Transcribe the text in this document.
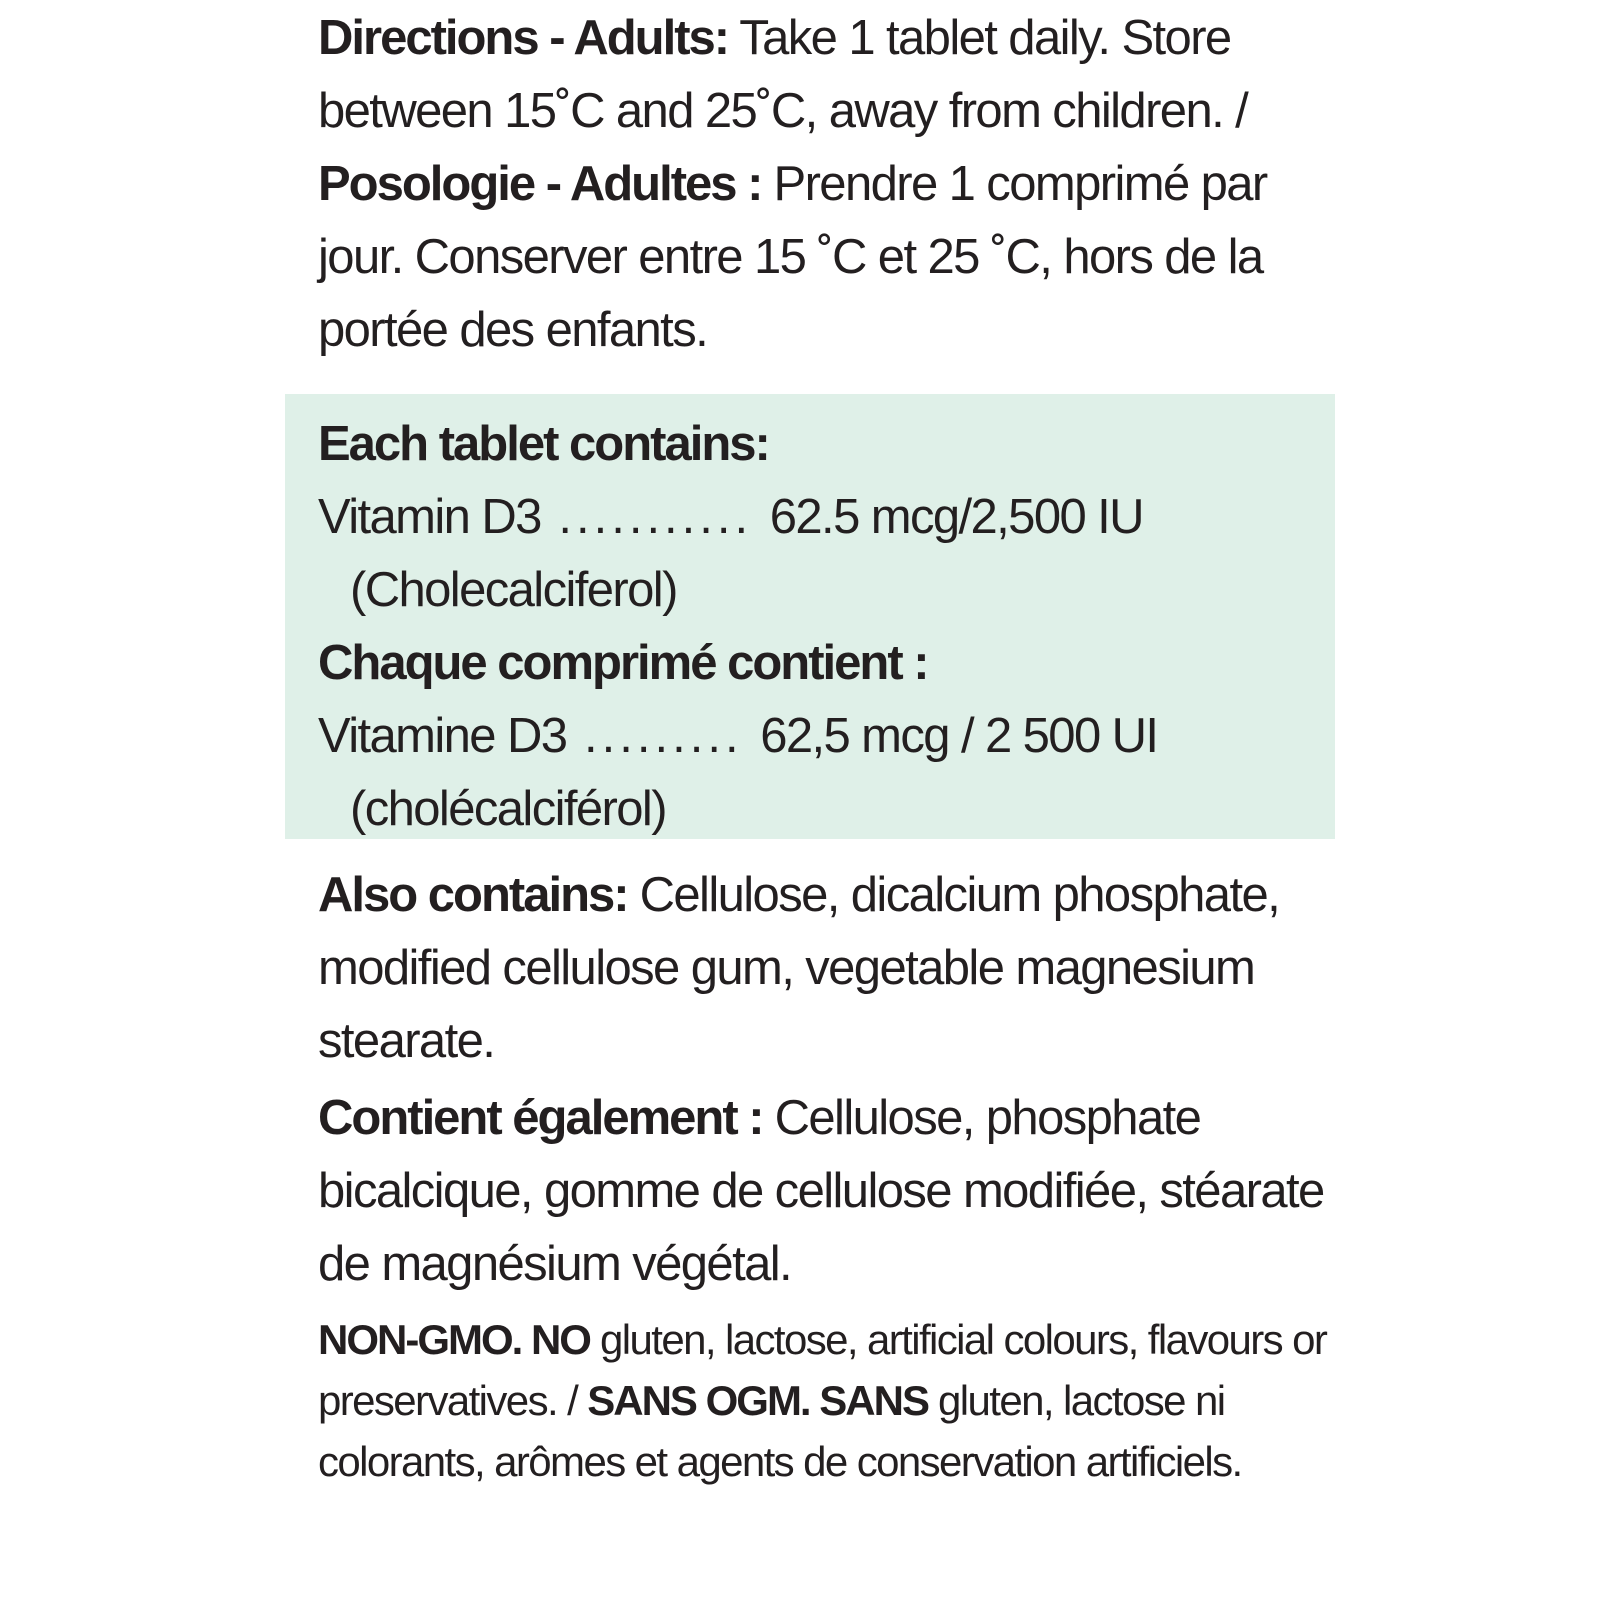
Directions - Adults: Take 1 tablet daily. Store between 15˚C and 25˚C, away from children. / Posologie - Adultes : Prendre 1 comprimé par jour. Conserver entre 15 ˚C et 25 ˚C, hors de la portée des enfants.
Each tablet contains:
Vitamin D3 ........... 62.5 mcg/2,500 IU
(Cholecalciferol)
Chaque comprimé contient :
Vitamine D3 ......... 62,5 mcg / 2 500 UI
(cholécalciférol)
Also contains: Cellulose, dicalcium phosphate, modified cellulose gum, vegetable magnesium stearate.
Contient également : Cellulose, phosphate bicalcique, gomme de cellulose modifiée, stéarate de magnésium végétal.
NON-GMO. NO gluten, lactose, artificial colours, flavours or preservatives. / SANS OGM. SANS gluten, lactose ni colorants, arômes et agents de conservation artificiels.
